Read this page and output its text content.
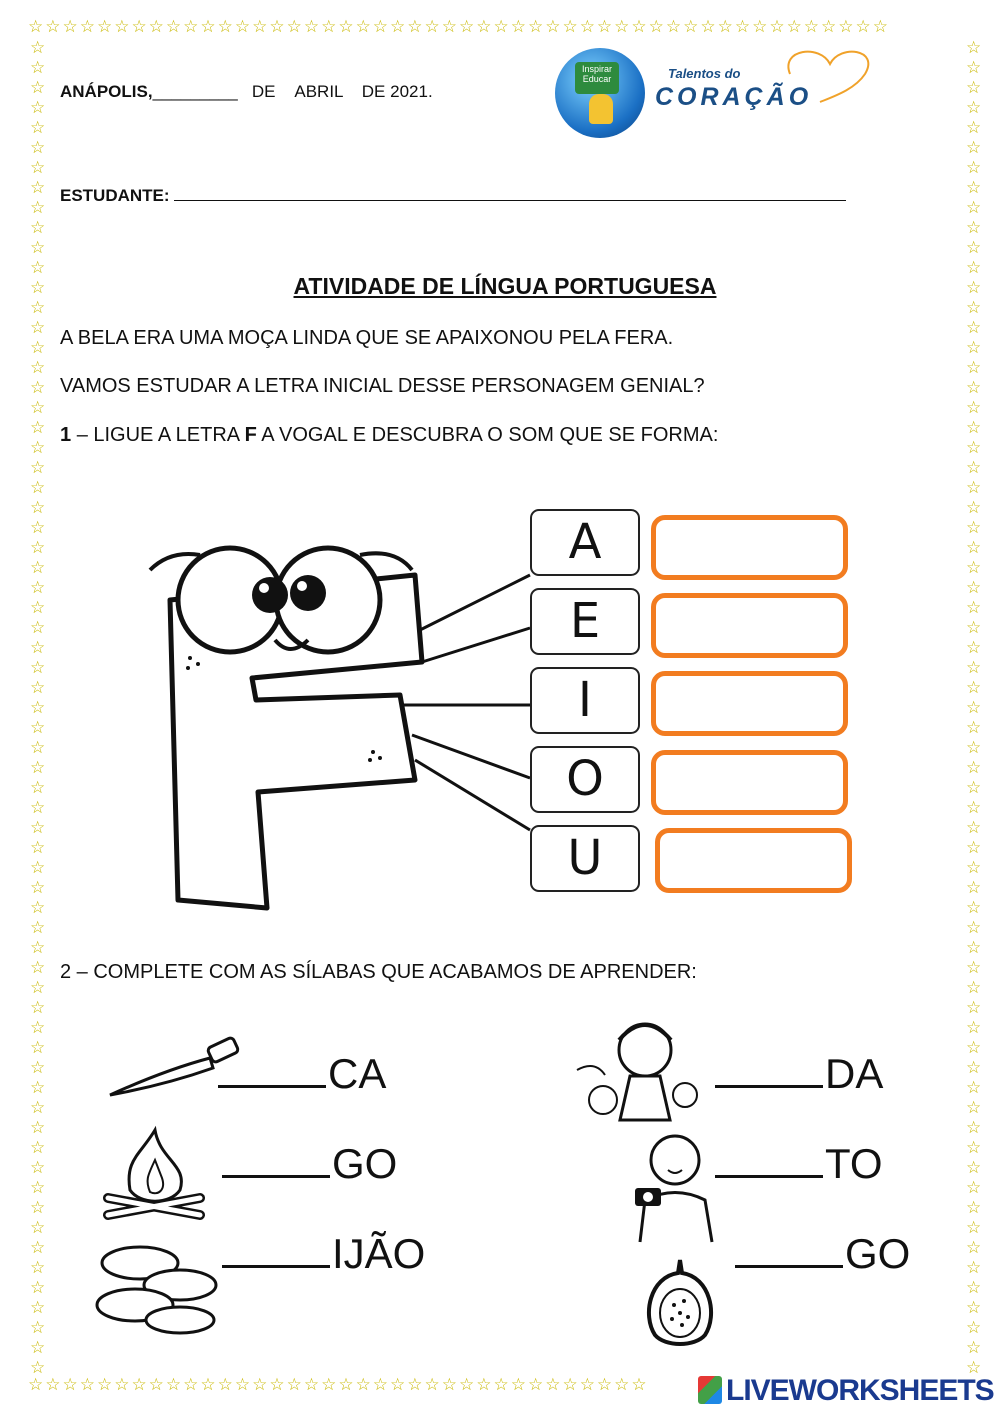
☆☆☆☆☆☆☆☆☆☆☆☆☆☆☆☆☆☆☆☆☆☆☆☆☆☆☆☆☆☆☆☆☆☆☆☆☆☆☆☆☆☆☆☆☆☆☆☆☆☆
☆☆☆☆☆☆☆☆☆☆☆☆☆☆☆☆☆☆☆☆☆☆☆☆☆☆☆☆☆☆☆☆☆☆☆☆
☆☆☆☆☆☆☆☆☆☆☆☆☆☆☆☆☆☆☆☆☆☆☆☆☆☆☆☆☆☆☆☆☆☆☆☆☆☆☆☆☆☆☆☆☆☆☆☆☆☆☆☆☆☆☆☆☆☆☆☆☆☆☆☆☆☆☆
☆☆☆☆☆☆☆☆☆☆☆☆☆☆☆☆☆☆☆☆☆☆☆☆☆☆☆☆☆☆☆☆☆☆☆☆☆☆☆☆☆☆☆☆☆☆☆☆☆☆☆☆☆☆☆☆☆☆☆☆☆☆☆☆☆☆☆
ANÁPOLIS,_________ DE ABRIL DE 2021.
Inspirar Educar	Talentos do
CORAÇÃO
ESTUDANTE:
ATIVIDADE DE LÍNGUA PORTUGUESA
A BELA ERA UMA MOÇA LINDA QUE SE APAIXONOU PELA FERA.
VAMOS ESTUDAR A LETRA INICIAL DESSE PERSONAGEM GENIAL?
1 – LIGUE A LETRA F A VOGAL E DESCUBRA O SOM QUE SE FORMA:
A
E
I
O
U
2 – COMPLETE COM AS SÍLABAS QUE ACABAMOS DE APRENDER:
CA
GO
IJÃO
DA
TO
GO
LIVEWORKSHEETS
